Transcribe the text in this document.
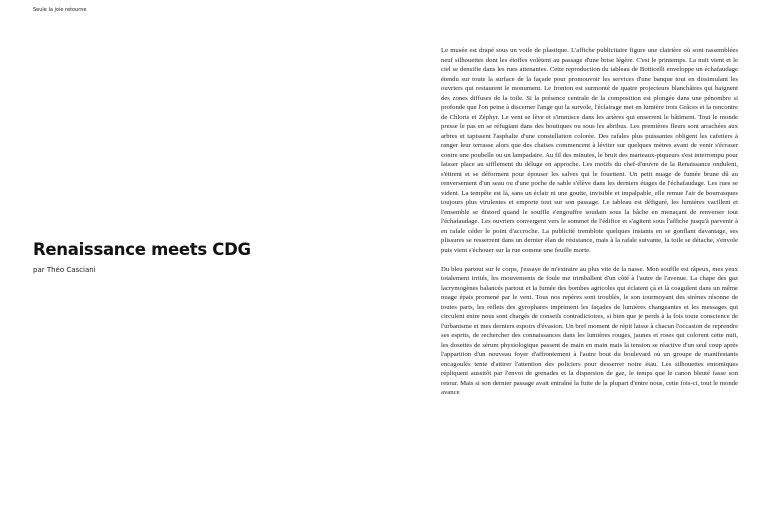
Seule la joie retourne
Renaissance meets CDG

par Théo Casciani

Le musée est drapé sous un voile de plastique. L'affiche publicitaire figure une clairière où sont rassemblées neuf silhouettes dont les étoffes volètent au passage d'une brise légère. C'est le printemps. La nuit vient et le ciel se densifie dans les rues attenantes. Cette reproduction du tableau de Botticelli enveloppe un échafaudage étendu sur toute la surface de la façade pour promouvoir les services d'une banque tout en dissimulant les ouvriers qui restaurent le monument. Le fronton est surmonté de quatre projecteurs blanchâtres qui baignent des zones diffuses de la toile. Si la présence centrale de la composition est plongée dans une pénombre si profonde que l'on peine à discerner l'ange qui la survole, l'éclairage met en lumière trois Grâces et la rencontre de Chloris et Zéphyr. Le vent se lève et s'immisce dans les artères qui enserrent le bâtiment. Tout le monde presse le pas en se réfugiant dans des boutiques ou sous les abribus. Les premières fleurs sont arrachées aux arbres et tapissent l'asphalte d'une constellation colorée. Des rafales plus puissantes obligent les cafetiers à ranger leur terrasse alors que des chaises commencent à léviter sur quelques mètres avant de venir s'écraser contre une poubelle ou un lampadaire. Au fil des minutes, le bruit des marteaux-piqueurs s'est interrompu pour laisser place au sifflement du déluge en approche. Les motifs du chef-d'œuvre de la Renaissance ondulent, s'étirent et se déforment pour épouser les salves qui le fouettent. Un petit nuage de fumée brune dû au renversement d'un seau ou d'une poche de sable s'élève dans les derniers étages de l'échafaudage. Les rues se vident. La tempête est là, sans un éclair ni une goutte, invisible et impalpable, elle remue l'air de bourrasques toujours plus virulentes et emporte tout sur son passage. Le tableau est défiguré, les lumières vacillent et l'ensemble se distord quand le souffle s'engouffre soudain sous la bâche en menaçant de renverser tout l'échafaudage. Les ouvriers convergent vers le sommet de l'édifice et s'agitent sous l'affiche jusqu'à parvenir à en rafale céder le point d'accroche. La publicité tremblote quelques instants en se gonflant davantage, ses plissures se resserrent dans un dernier élan de résistance, mais à la rafale suivante, la toile se détache, s'envole puis vient s'échouer sur la rue comme une feuille morte.

Du bleu partout sur le corps, j'essaye de m'extraire au plus vite de la nasse. Mon souffle est râpeux, mes yeux totalement irrités, les mouvements de foule me trimballent d'un côté à l'autre de l'avenue. La chape des gaz lacrymogènes balancés partout et la fumée des bombes agricoles qui éclatent çà et là coagulent dans un même nuage épais promené par le vent. Tous nos repères sont troublés, le son tourmoyant des sirènes résonne de toutes parts, les reflets des gyrophares impriment les façades de lumières changeantes et les messages qui circulent entre nous sont chargés de conseils contradictoires, si bien que je perds à la fois toute conscience de l'urbanisme et mes derniers espoirs d'évasion. Un bref moment de répit laisse à chacun l'occasion de reprendre ses esprits, de rechercher des connaissances dans les lumières rouges, jaunes et roses qui colorent cette nuit, les dosettes de sérum physiologique passent de main en main mais la tension se réactive d'un seul coup après l'apparition d'un nouveau foyer d'affrontement à l'autre bout du boulevard où un groupe de manifestants encagoulés tente d'attirer l'attention des policiers pour desserrer notre étau. Les silhouettes entomiques répliquent aussitôt par l'envoi de grenades et la dispersion de gaz, le temps que le canon bleuté fasse son retour. Mais si son dernier passage avait entraîné la fuite de la plupart d'entre nous, cette fois-ci, tout le monde avance
